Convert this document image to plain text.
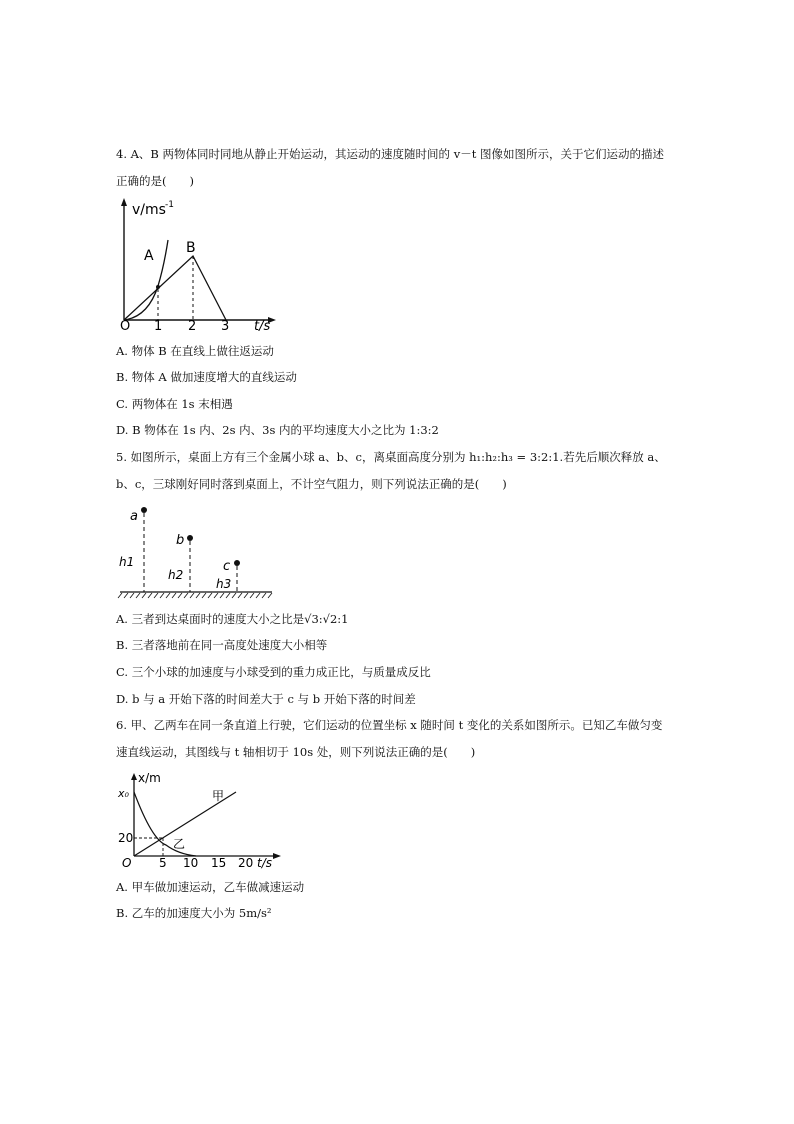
4. A、B 两物体同时同地从静止开始运动，其运动的速度随时间的 v－t 图像如图所示，关于它们运动的描述
正确的是(　　)
v/ms -1
A B
O 1 2 3 t/s
A. 物体 B 在直线上做往返运动
B. 物体 A 做加速度增大的直线运动
C. 两物体在 1s 末相遇
D. B 物体在 1s 内、2s 内、3s 内的平均速度大小之比为 1:3:2
5. 如图所示，桌面上方有三个金属小球 a、b、c，离桌面高度分别为 h₁:h₂:h₃ = 3:2:1.若先后顺次释放 a、
b、c，三球刚好同时落到桌面上，不计空气阻力，则下列说法正确的是(　　)
a
b
c
h1
h2
h3
A. 三者到达桌面时的速度大小之比是√3:√2:1
B. 三者落地前在同一高度处速度大小相等
C. 三个小球的加速度与小球受到的重力成正比，与质量成反比
D. b 与 a 开始下落的时间差大于 c 与 b 开始下落的时间差
6. 甲、乙两车在同一条直道上行驶，它们运动的位置坐标 x 随时间 t 变化的关系如图所示。已知乙车做匀变
速直线运动，其图线与 t 轴相切于 10s 处，则下列说法正确的是(　　)
x/m
x₀
20
甲
乙
O 5 10 15 20 t/s
A. 甲车做加速运动，乙车做减速运动
B. 乙车的加速度大小为 5m/s²
